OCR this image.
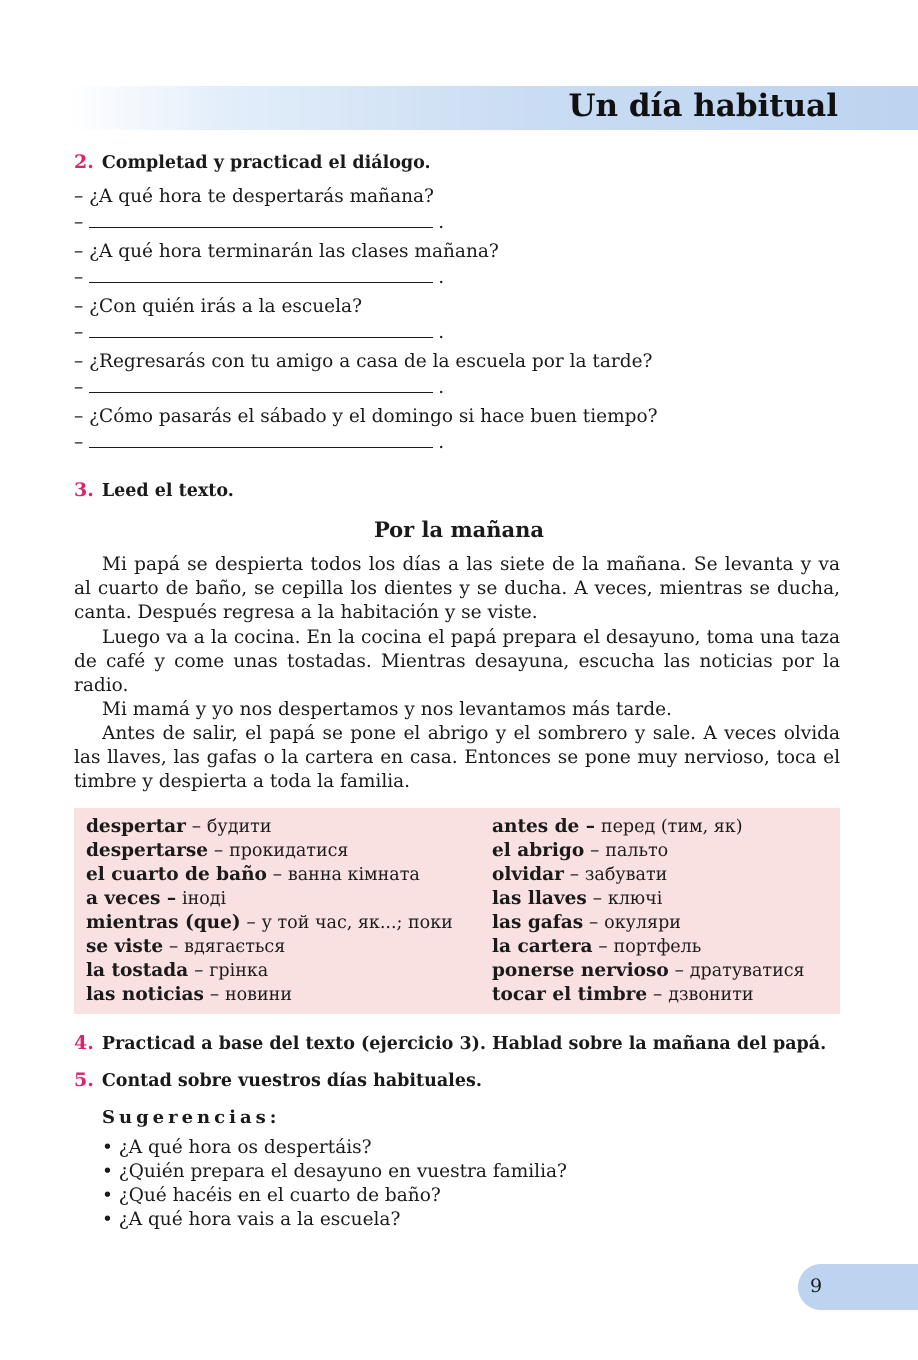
Un día habitual

2. Completad y practicad el diálogo.

– ¿A qué hora te despertarás mañana?

–	.

– ¿A qué hora terminarán las clases mañana?

–	.

– ¿Con quién irás a la escuela?

–	.

– ¿Regresarás con tu amigo a casa de la escuela por la tarde?

–	.

– ¿Cómo pasarás el sábado y el domingo si hace buen tiempo?

–	.

3. Leed el texto.

Por la mañana

Mi papá se despierta todos los días a las siete de la mañana. Se levanta y va al cuarto de baño, se cepilla los dientes y se ducha. A veces, mientras se ducha, canta. Después regresa a la habitación y se viste.

Luego va a la cocina. En la cocina el papá prepara el desayuno, toma una taza de café y come unas tostadas. Mientras desayuna, escucha las noticias por la radio.

Mi mamá y yo nos despertamos y nos levantamos más tarde.

Antes de salir, el papá se pone el abrigo y el sombrero y sale. A veces olvida las llaves, las gafas o la cartera en casa. Entonces se pone muy nervioso, toca el timbre y despierta a toda la familia.

despertar – будити
despertarse – прокидатися
el cuarto de baño – ванна кімната
a veces – іноді
mientras (que) – у той час, як...; поки
se viste – вдягається
la tostada – грінка
las noticias – новини
antes de – перед (тим, як)
el abrigo – пальто
olvidar – забувати
las llaves – ключі
las gafas – окуляри
la cartera – портфель
ponerse nervioso – дратуватися
tocar el timbre – дзвонити

4. Practicad a base del texto (ejercicio 3). Hablad sobre la mañana del papá.

5. Contad sobre vuestros días habituales.

Sugerencias:

• ¿A qué hora os despertáis?
• ¿Quién prepara el desayuno en vuestra familia?
• ¿Qué hacéis en el cuarto de baño?
• ¿A qué hora vais a la escuela?

9
